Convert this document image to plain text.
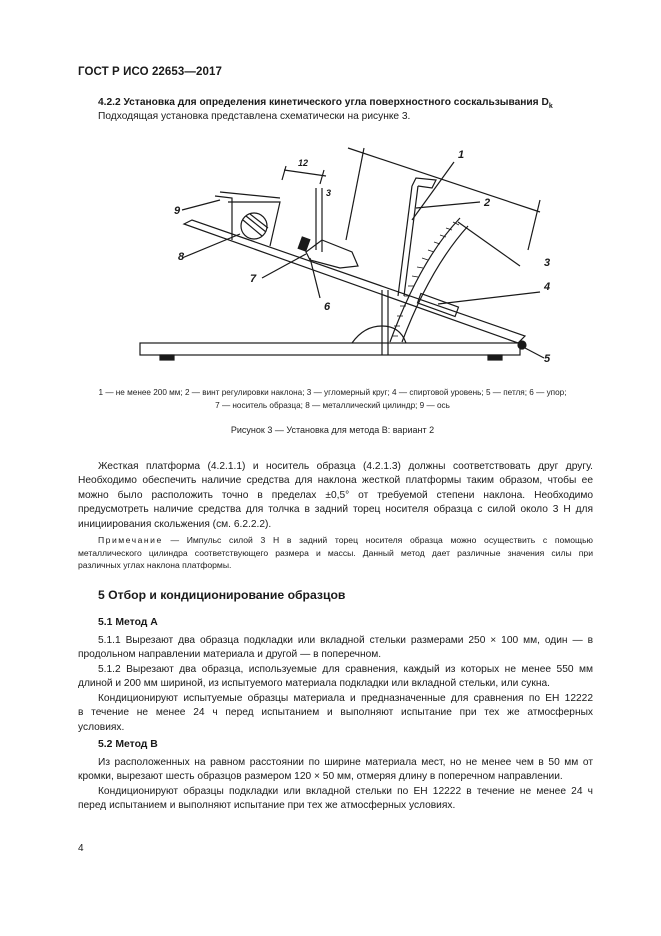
ГОСТ Р ИСО 22653—2017
4.2.2 Установка для определения кинетического угла поверхностного соскальзывания $D_k$
Подходящая установка представлена схематически на рисунке 3.
1
2
3
4
5
6
7
8
9
12
3
1 — не менее 200 мм; 2 — винт регулировки наклона; 3 — угломерный круг; 4 — спиртовой уровень; 5 — петля; 6 — упор;
7 — носитель образца; 8 — металлический цилиндр; 9 — ось
Рисунок 3 — Установка для метода В: вариант 2
Жесткая платформа (4.2.1.1) и носитель образца (4.2.1.3) должны соответствовать друг другу.
Необходимо обеспечить наличие средства для наклона жесткой платформы таким образом, чтобы ее
можно было расположить точно в пределах ±0,5° от требуемой степени наклона. Необходимо
предусмотреть наличие средства для толчка в задний торец носителя образца с силой около 3 Н для
инициирования скольжения (см. 6.2.2.2).
Примечание — Импульс силой 3 Н в задний торец носителя образца можно осуществить с помощью
металлического цилиндра соответствующего размера и массы. Данный метод дает различные значения силы при
различных углах наклона платформы.
5 Отбор и кондиционирование образцов
5.1 Метод А
5.1.1 Вырезают два образца подкладки или вкладной стельки размерами 250 × 100 мм, один — в
продольном направлении материала и другой — в поперечном.
5.1.2 Вырезают два образца, используемые для сравнения, каждый из которых не менее 550 мм
длиной и 200 мм шириной, из испытуемого материала подкладки или вкладной стельки, или сукна.
Кондиционируют испытуемые образцы материала и предназначенные для сравнения по ЕН 12222
в течение не менее 24 ч перед испытанием и выполняют испытание при тех же атмосферных
условиях.
5.2 Метод В
Из расположенных на равном расстоянии по ширине материала мест, но не менее чем в 50 мм от
кромки, вырезают шесть образцов размером 120 × 50 мм, отмеряя длину в поперечном направлении.
Кондиционируют образцы подкладки или вкладной стельки по ЕН 12222 в течение не менее 24 ч
перед испытанием и выполняют испытание при тех же атмосферных условиях.
4
